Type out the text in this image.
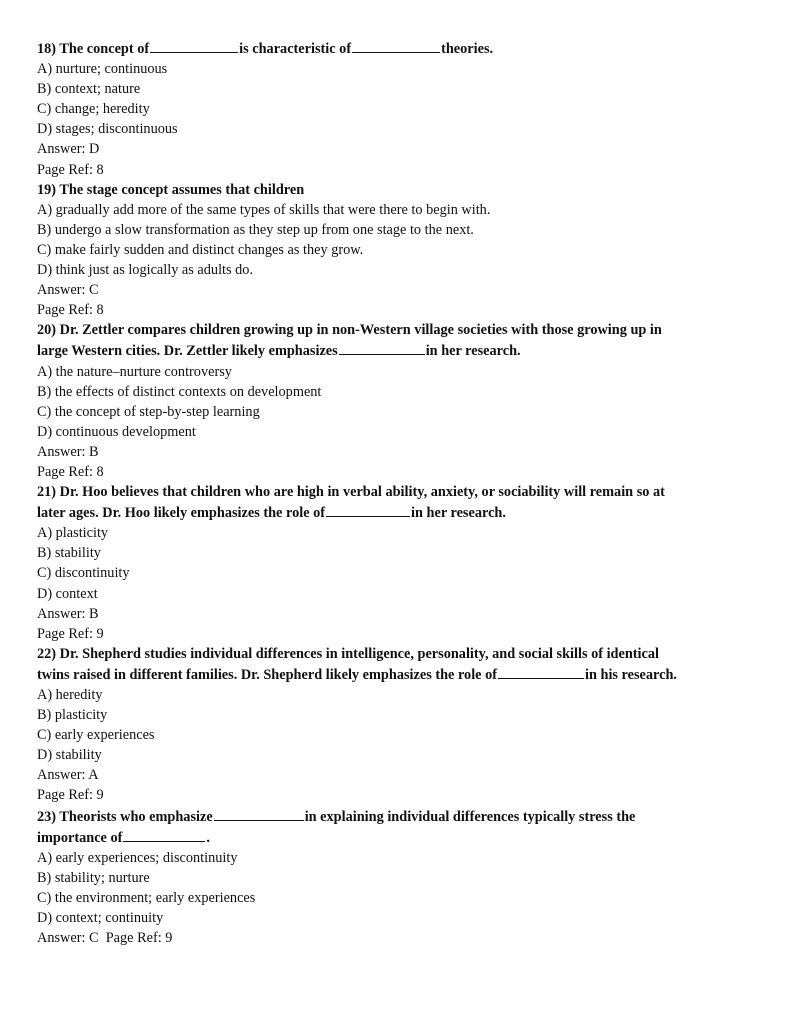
18) The concept of	is characteristic of	theories.
A) nurture; continuous
B) context; nature
C) change; heredity
D) stages; discontinuous
Answer: D
Page Ref: 8
19) The stage concept assumes that children
A) gradually add more of the same types of skills that were there to begin with.
B) undergo a slow transformation as they step up from one stage to the next.
C) make fairly sudden and distinct changes as they grow.
D) think just as logically as adults do.
Answer: C
Page Ref: 8
20) Dr. Zettler compares children growing up in non-Western village societies with those growing up in
large Western cities. Dr. Zettler likely emphasizes	in her research.
A) the nature–nurture controversy
B) the effects of distinct contexts on development
C) the concept of step-by-step learning
D) continuous development
Answer: B
Page Ref: 8
21) Dr. Hoo believes that children who are high in verbal ability, anxiety, or sociability will remain so at
later ages. Dr. Hoo likely emphasizes the role of	in her research.
A) plasticity
B) stability
C) discontinuity
D) context
Answer: B
Page Ref: 9
22) Dr. Shepherd studies individual differences in intelligence, personality, and social skills of identical
twins raised in different families. Dr. Shepherd likely emphasizes the role of	in his research.
A) heredity
B) plasticity
C) early experiences
D) stability
Answer: A
Page Ref: 9
23) Theorists who emphasize	in explaining individual differences typically stress the
importance of	.
A) early experiences; discontinuity
B) stability; nurture
C) the environment; early experiences
D) context; continuity
Answer: C  Page Ref: 9
